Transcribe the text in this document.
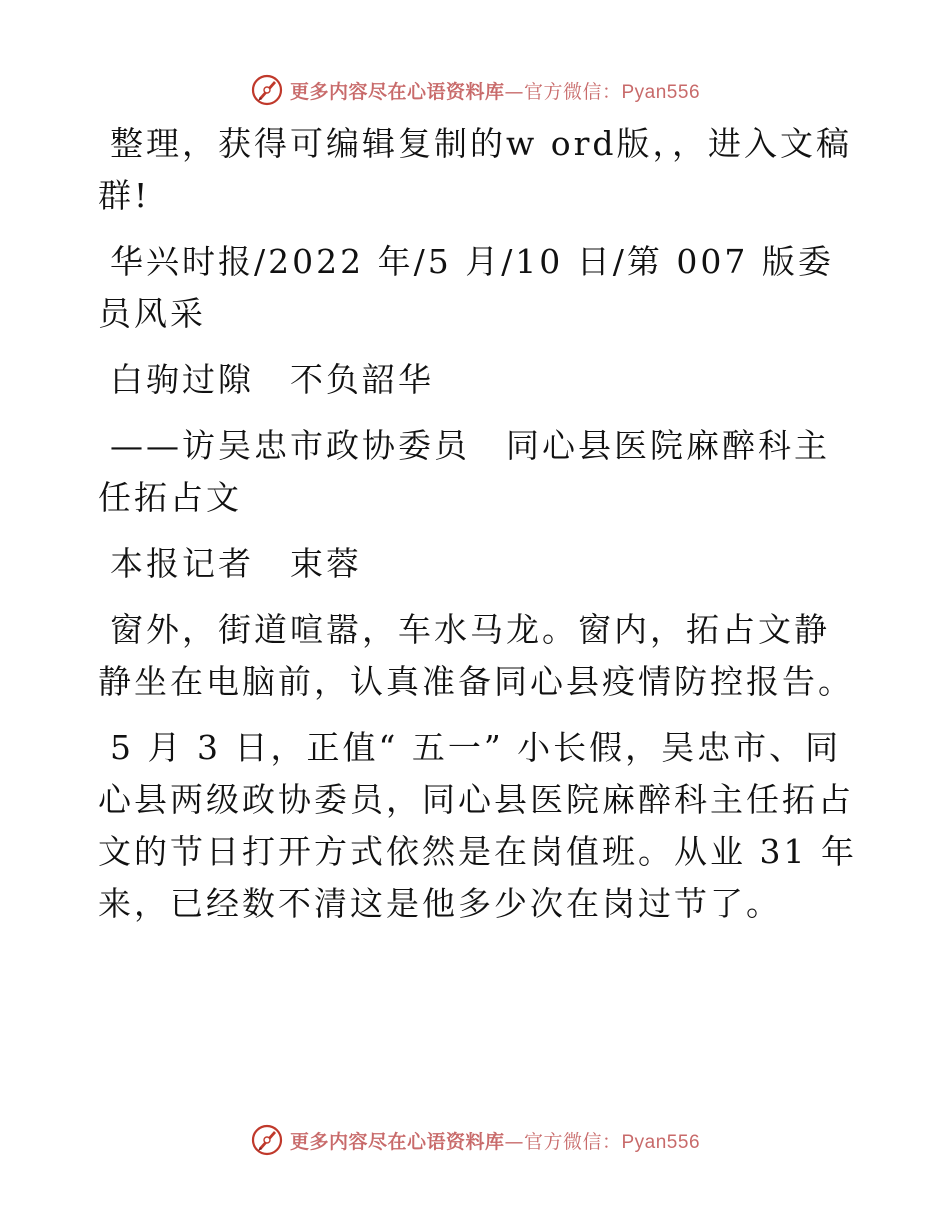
更多内容尽在心语资料库—官方微信：Pyan556

整理，获得可编辑复制的w ord版，，进入文稿群!

华兴时报/2022 年/5 月/10 日/第 007 版委员风采

白驹过隙　不负韶华

——访吴忠市政协委员　同心县医院麻醉科主任拓占文

本报记者　束蓉

窗外，街道喧嚣，车水马龙。窗内，拓占文静静坐在电脑前，认真准备同心县疫情防控报告。

5 月 3 日，正值“ 五一” 小长假，吴忠市、同心县两级政协委员，同心县医院麻醉科主任拓占文的节日打开方式依然是在岗值班。从业 31 年来，已经数不清这是他多少次在岗过节了。

更多内容尽在心语资料库—官方微信：Pyan556
